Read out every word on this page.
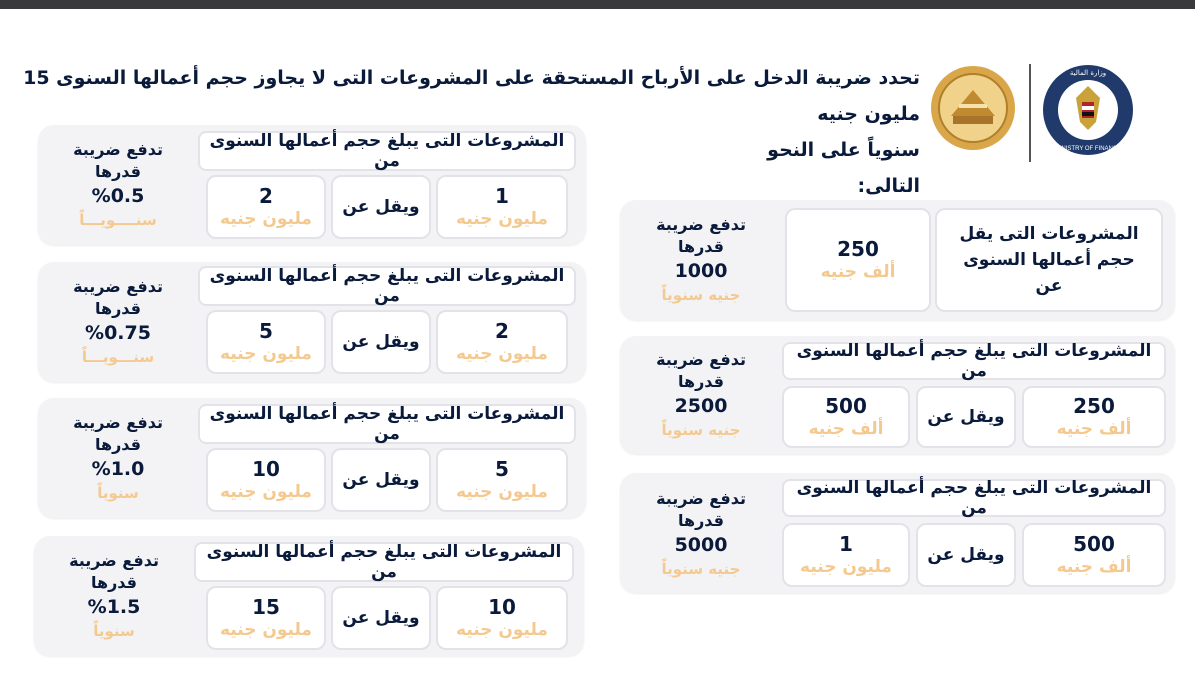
تحدد ضريبة الدخل على الأرباح المستحقة على المشروعات التى لا يجاوز حجم أعمالها السنوى 15 مليون جنيه
سنوياً على النحو التالى:
MINISTRY OF FINANCE
وزارة المالية
المشروعات التى يقل حجم أعمالها السنوى عن
250
ألف جنيه
تدفع ضريبة
قدرها
1000
جنيه سنوياً
المشروعات التى يبلغ حجم أعمالها السنوى من
250
ألف جنيه
ويقل عن
500
ألف جنيه
تدفع ضريبة
قدرها
2500
جنيه سنوياً
المشروعات التى يبلغ حجم أعمالها السنوى من
500
ألف جنيه
ويقل عن
1
مليون جنيه
تدفع ضريبة
قدرها
5000
جنيه سنوياً
المشروعات التى يبلغ حجم أعمالها السنوى من
1
مليون جنيه
ويقل عن
2
مليون جنيه
تدفع ضريبة
قدرها
%0.5
سنــــويـــاً
المشروعات التى يبلغ حجم أعمالها السنوى من
2
مليون جنيه
ويقل عن
5
مليون جنيه
تدفع ضريبة
قدرها
%0.75
سنـــويـــاً
المشروعات التى يبلغ حجم أعمالها السنوى من
5
مليون جنيه
ويقل عن
10
مليون جنيه
تدفع ضريبة
قدرها
%1.0
سنوياً
المشروعات التى يبلغ حجم أعمالها السنوى من
10
مليون جنيه
ويقل عن
15
مليون جنيه
تدفع ضريبة
قدرها
%1.5
سنوياً
